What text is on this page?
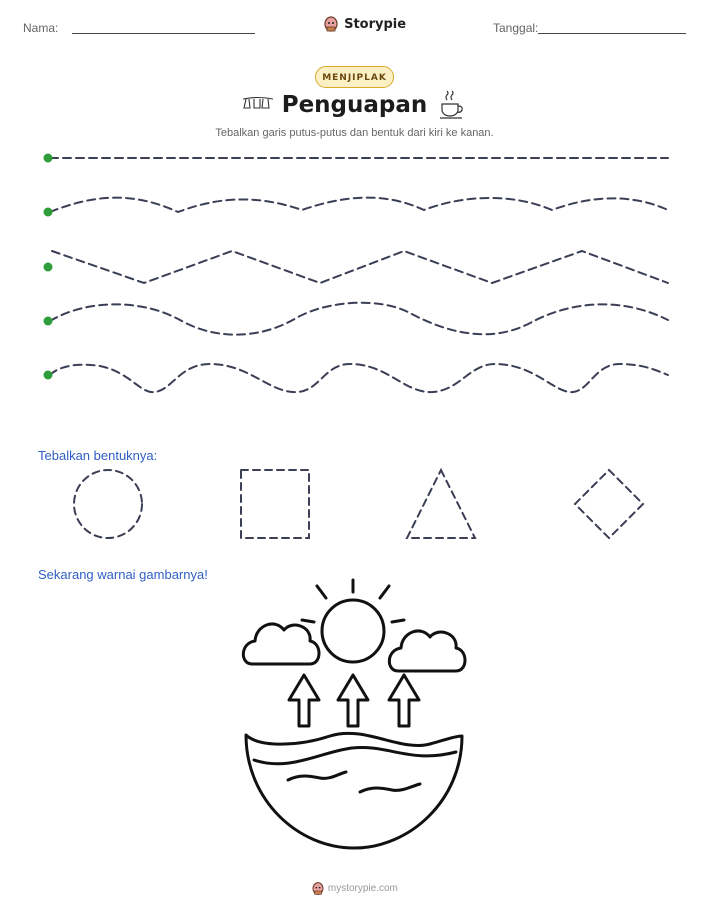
Nama:	Storypie	Tanggal:
MENJIPLAK
Penguapan
Tebalkan garis putus-putus dan bentuk dari kiri ke kanan.
Tebalkan bentuknya:
Sekarang warnai gambarnya!
mystorypie.com
